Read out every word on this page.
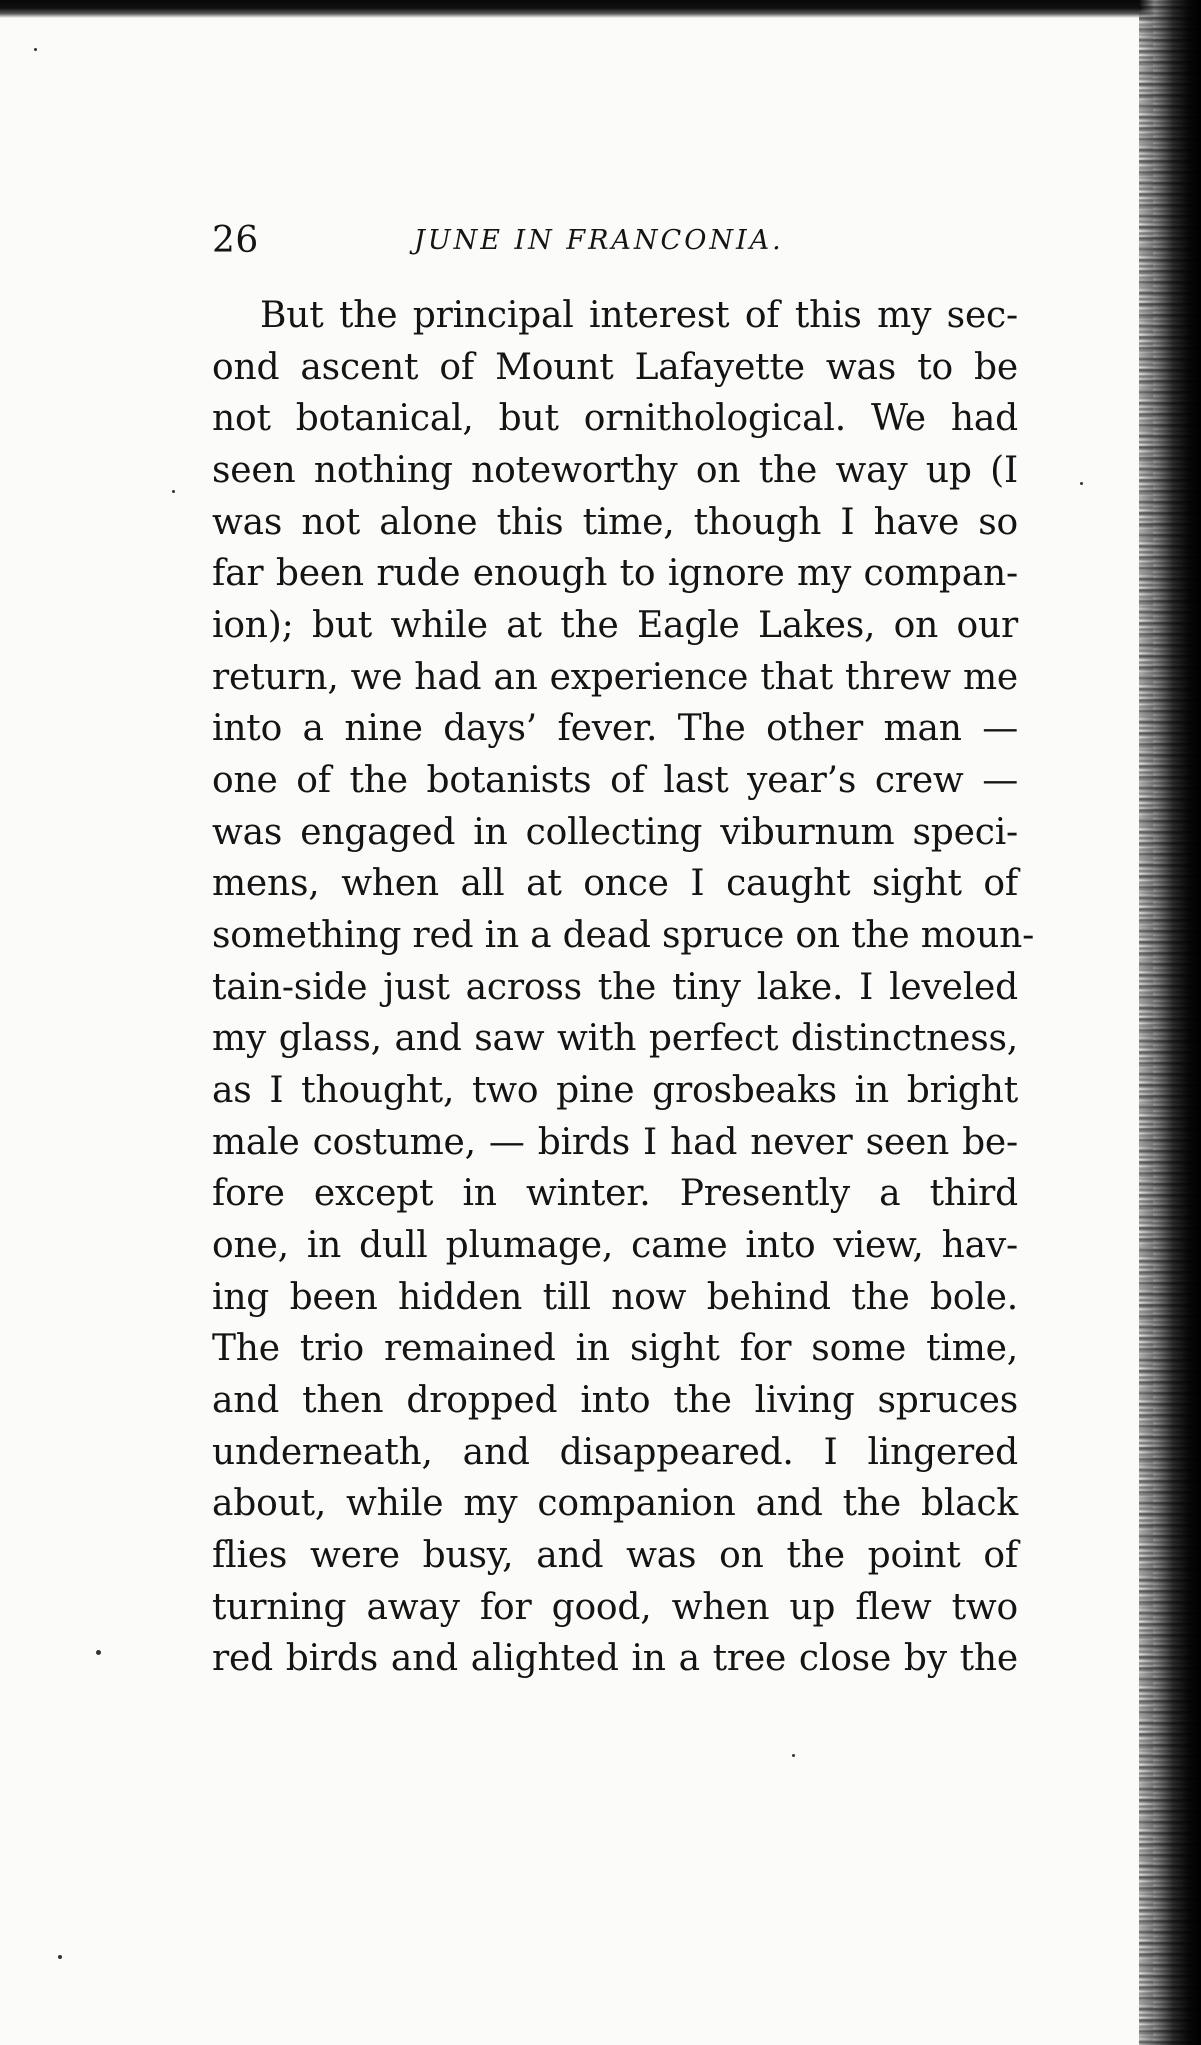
26	JUNE IN FRANCONIA.
But the principal interest of this my sec-
ond ascent of Mount Lafayette was to be
not botanical, but ornithological. We had
seen nothing noteworthy on the way up (I
was not alone this time, though I have so
far been rude enough to ignore my compan-
ion); but while at the Eagle Lakes, on our
return, we had an experience that threw me
into a nine days’ fever. The other man —
one of the botanists of last year’s crew —
was engaged in collecting viburnum speci-
mens, when all at once I caught sight of
something red in a dead spruce on the moun-
tain-side just across the tiny lake. I leveled
my glass, and saw with perfect distinctness,
as I thought, two pine grosbeaks in bright
male costume, — birds I had never seen be-
fore except in winter. Presently a third
one, in dull plumage, came into view, hav-
ing been hidden till now behind the bole.
The trio remained in sight for some time,
and then dropped into the living spruces
underneath, and disappeared. I lingered
about, while my companion and the black
flies were busy, and was on the point of
turning away for good, when up flew two
red birds and alighted in a tree close by the
